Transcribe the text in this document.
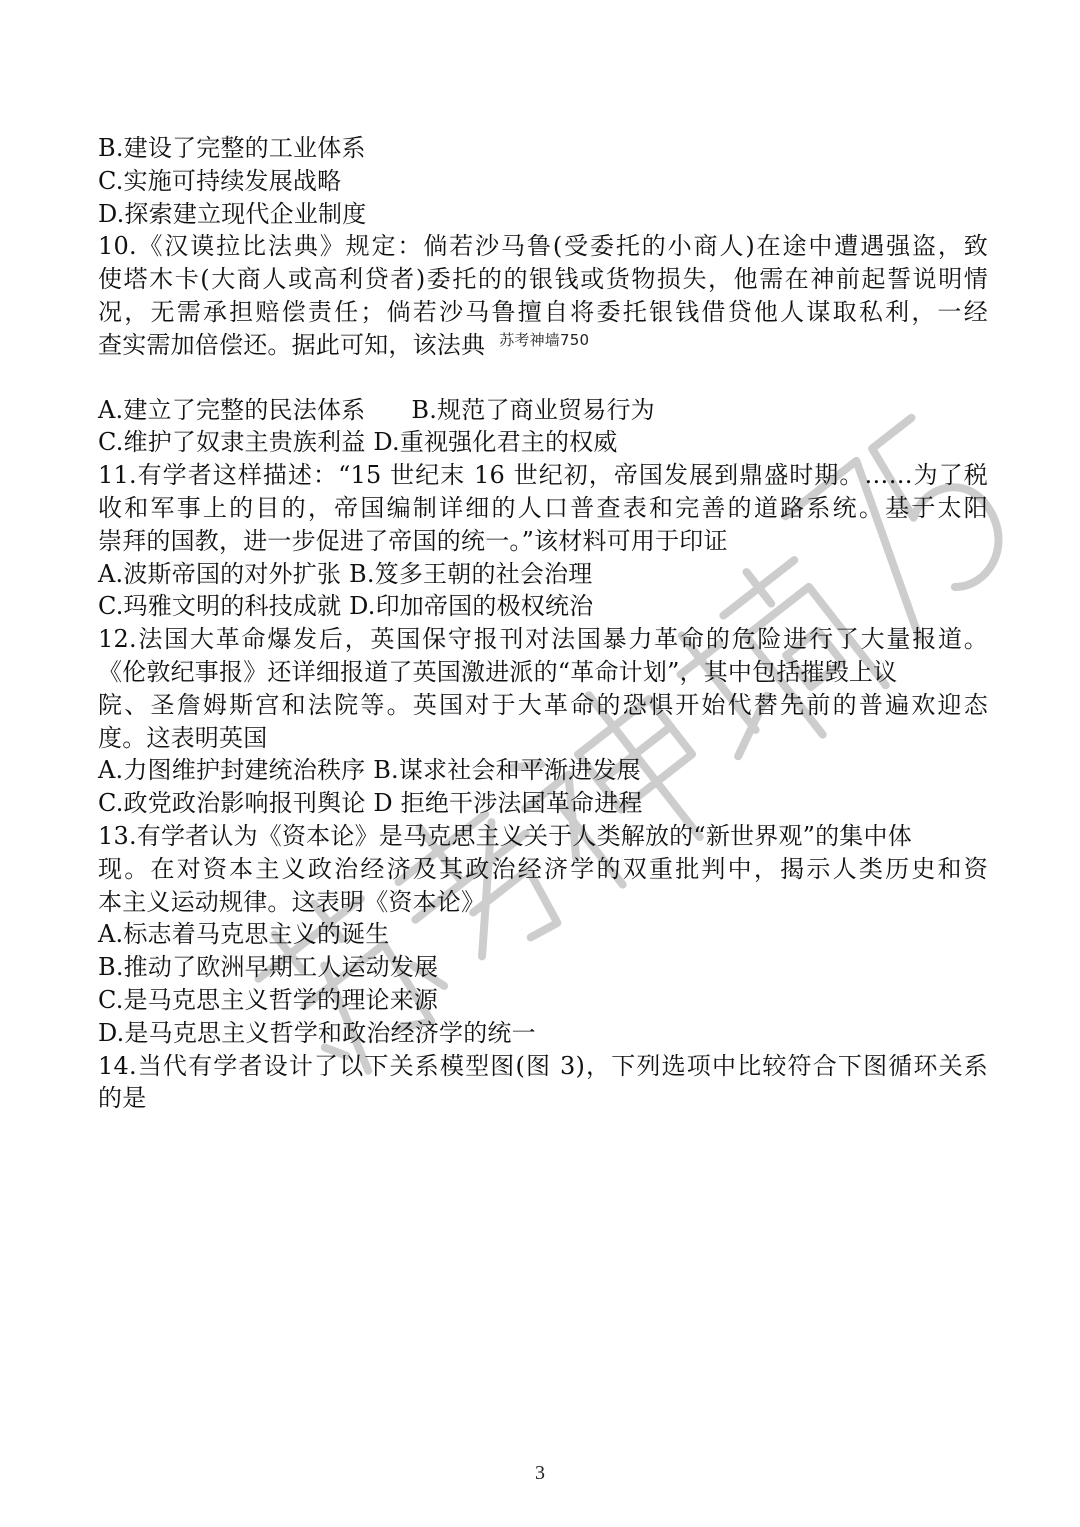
B.建设了完整的工业体系
C.实施可持续发展战略
D.探索建立现代企业制度
10.《汉谟拉比法典》规定：倘若沙马鲁(受委托的小商人)在途中遭遇强盗，致
使塔木卡(大商人或高利贷者)委托的的银钱或货物损失，他需在神前起誓说明情
况，无需承担赔偿责任；倘若沙马鲁擅自将委托银钱借贷他人谋取私利，一经
查实需加倍偿还。据此可知，该法典 $^{苏考神墙750}$
A.建立了完整的民法体系 B.规范了商业贸易行为
C.维护了奴隶主贵族利益 D.重视强化君主的权威
11.有学者这样描述：“15 世纪末 16 世纪初，帝国发展到鼎盛时期。……为了税
收和军事上的目的，帝国编制详细的人口普查表和完善的道路系统。基于太阳
崇拜的国教，进一步促进了帝国的统一。”该材料可用于印证
A.波斯帝国的对外扩张 B.笈多王朝的社会治理
C.玛雅文明的科技成就 D.印加帝国的极权统治
12.法国大革命爆发后，英国保守报刊对法国暴力革命的危险进行了大量报道。
《伦敦纪事报》还详细报道了英国激进派的“革命计划”，其中包括摧毁上议
院、圣詹姆斯宫和法院等。英国对于大革命的恐惧开始代替先前的普遍欢迎态
度。这表明英国
A.力图维护封建统治秩序 B.谋求社会和平渐进发展
C.政党政治影响报刊舆论 D 拒绝干涉法国革命进程
13.有学者认为《资本论》是马克思主义关于人类解放的“新世界观”的集中体
现。在对资本主义政治经济及其政治经济学的双重批判中，揭示人类历史和资
本主义运动规律。这表明《资本论》
A.标志着马克思主义的诞生
B.推动了欧洲早期工人运动发展
C.是马克思主义哲学的理论来源
D.是马克思主义哲学和政治经济学的统一
14.当代有学者设计了以下关系模型图(图 3)，下列选项中比较符合下图循环关系
的是
3
